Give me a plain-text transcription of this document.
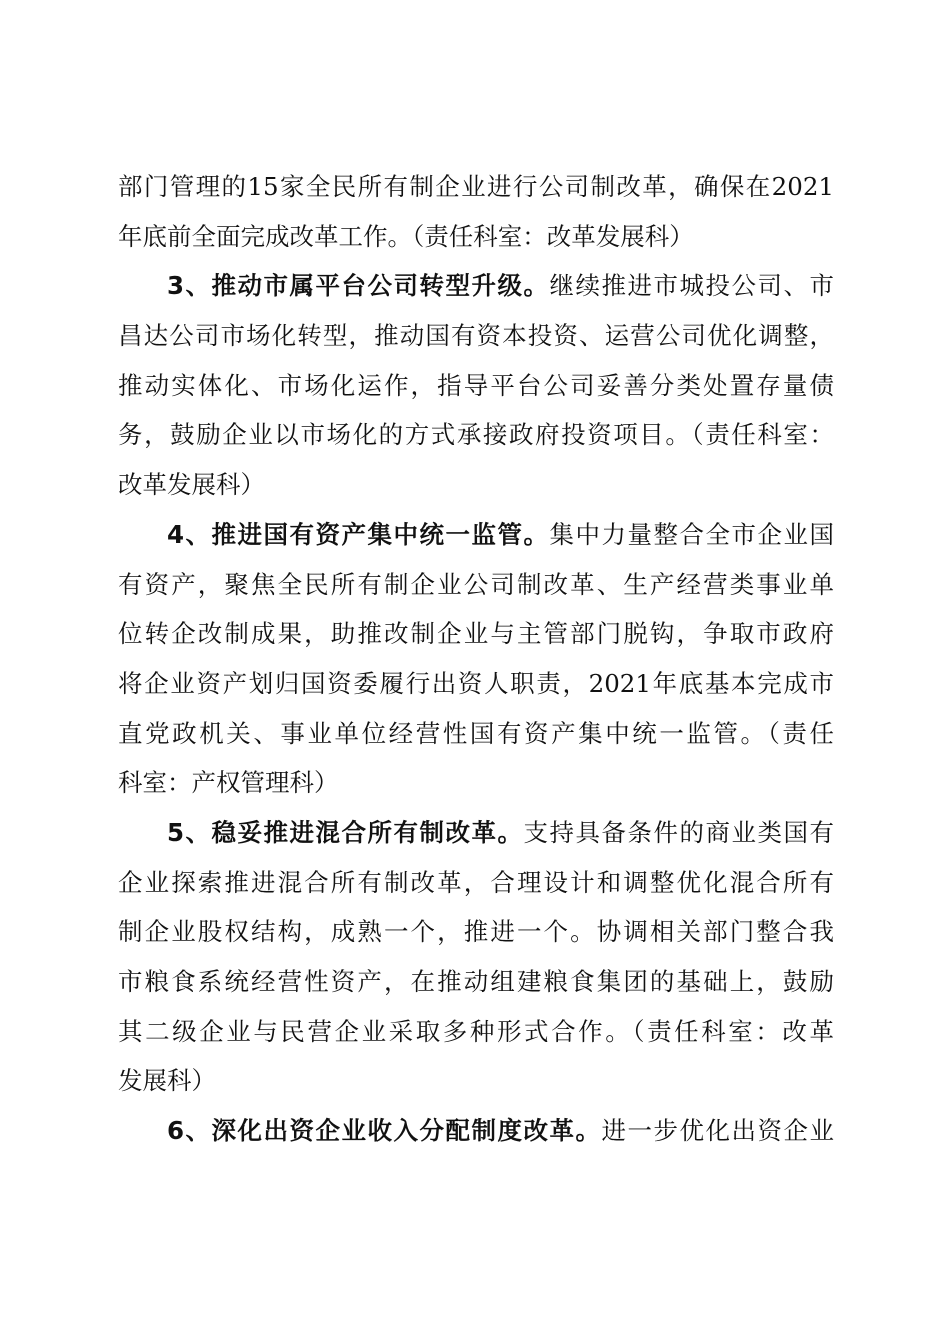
部门管理的15家全民所有制企业进行公司制改革，确保在2021
年底前全面完成改革工作。（责任科室：改革发展科）
3、推动市属平台公司转型升级。继续推进市城投公司、市
昌达公司市场化转型，推动国有资本投资、运营公司优化调整，
推动实体化、市场化运作，指导平台公司妥善分类处置存量债
务，鼓励企业以市场化的方式承接政府投资项目。（责任科室：
改革发展科）
4、推进国有资产集中统一监管。集中力量整合全市企业国
有资产，聚焦全民所有制企业公司制改革、生产经营类事业单
位转企改制成果，助推改制企业与主管部门脱钩，争取市政府
将企业资产划归国资委履行出资人职责，2021年底基本完成市
直党政机关、事业单位经营性国有资产集中统一监管。（责任
科室：产权管理科）
5、稳妥推进混合所有制改革。支持具备条件的商业类国有
企业探索推进混合所有制改革，合理设计和调整优化混合所有
制企业股权结构，成熟一个，推进一个。协调相关部门整合我
市粮食系统经营性资产，在推动组建粮食集团的基础上，鼓励
其二级企业与民营企业采取多种形式合作。（责任科室：改革
发展科）
6、深化出资企业收入分配制度改革。进一步优化出资企业
